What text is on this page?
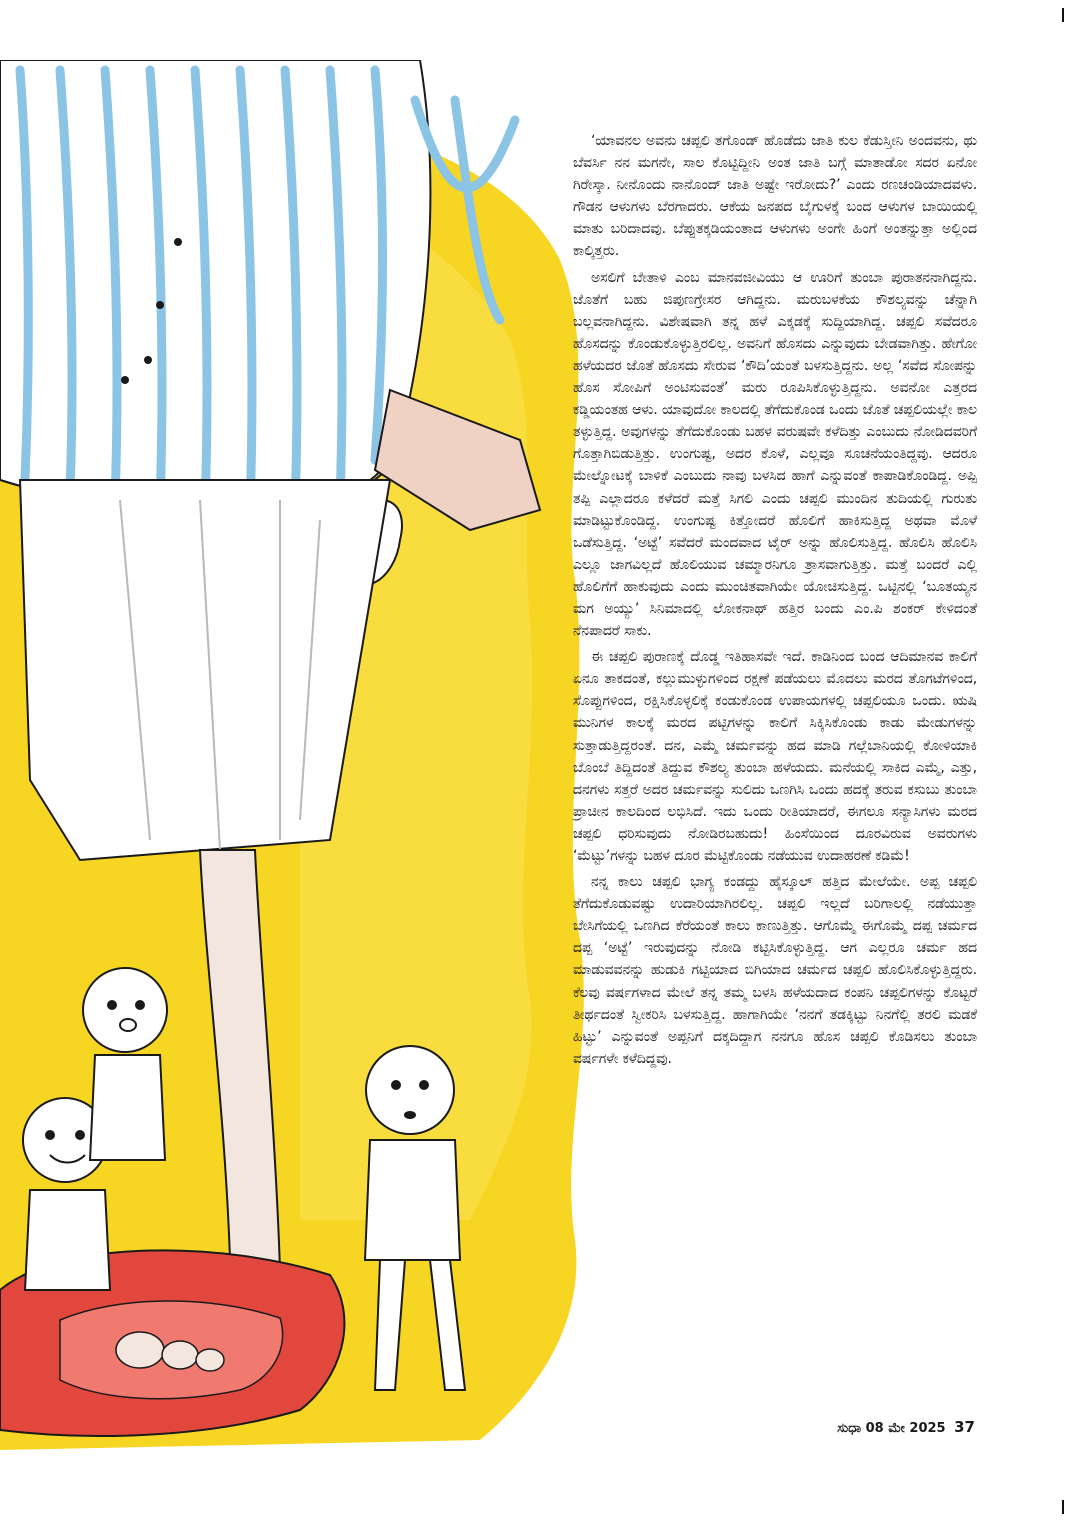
‘ಯಾವನಲ ಅವನು ಚಪ್ಪಲಿ ತಗೊಂಡ್ ಹೊಡೆದು ಜಾತಿ ಕುಲ ಕೆಡುಸ್ತೀನಿ ಅಂದವನು, ಥು ಬೆವರ್ಸಿ ನನ ಮಗನೇ, ಸಾಲ ಕೊಟ್ಟಿದ್ದೀನಿ ಅಂತ ಜಾತಿ ಬಗ್ಗೆ ಮಾತಾಡೋ ಸದರ ಏನೋ ಗಿರೇಸ್ಕಾ. ನೀನೊಂದು ನಾನೊಂದ್ ಜಾತಿ ಅಷ್ಟೇ ಇರೋದು?’ ಎಂದು ರಣಚಂಡಿಯಾದವಳು. ಗೌಡನ ಆಳುಗಳು ಬೆರಗಾದರು. ಆಕೆಯ ಜನಪದ ಬೈಗುಳಕ್ಕೆ ಬಂದ ಆಳುಗಳ ಬಾಯಿಯಲ್ಲಿ ಮಾತು ಬರಿದಾದವು. ಬೆಪ್ಪುತಕ್ಕಡಿಯಂತಾದ ಆಳುಗಳು ಅಂಗೇ ಹಿಂಗೆ ಅಂತನ್ನುತ್ತಾ ಅಲ್ಲಿಂದ ಕಾಲ್ಕಿತ್ತರು.

ಅಸಲಿಗೆ ಬೇತಾಳಿ ಎಂಬ ಮಾನವಜೀವಿಯು ಆ ಊರಿಗೆ ತುಂಬಾ ಪುರಾತನನಾಗಿದ್ದನು. ಜೊತೆಗೆ ಬಹು ಜಿಪುಣಗ್ರೇಸರ ಆಗಿದ್ದನು. ಮರುಬಳಕೆಯ ಕೌಶಲ್ಯವನ್ನು ಚೆನ್ನಾಗಿ ಬಲ್ಲವನಾಗಿದ್ದನು. ವಿಶೇಷವಾಗಿ ತನ್ನ ಹಳೆ ಎಕ್ಕಡಕ್ಕೆ ಸುದ್ದಿಯಾಗಿದ್ದ. ಚಪ್ಪಲಿ ಸವೆದರೂ ಹೊಸದನ್ನು ಕೊಂಡುಕೊಳ್ಳುತ್ತಿರಲಿಲ್ಲ. ಅವನಿಗೆ ಹೊಸದು ಎನ್ನುವುದು ಬೇಡವಾಗಿತ್ತು. ಹೇಗೋ ಹಳೆಯದರ ಜೊತೆ ಹೊಸದು ಸೇರುವ ‘ಕೌದಿ’ಯಂತೆ ಬಳಸುತ್ತಿದ್ದನು. ಅಲ್ಲ ‘ಸವೆದ ಸೋಪನ್ನು ಹೊಸ ಸೋಪಿಗೆ ಅಂಟಿಸುವಂತೆ’ ಮರು ರೂಪಿಸಿಕೊಳ್ಳುತ್ತಿದ್ದನು. ಅವನೋ ಎತ್ತರದ ಕಡ್ಡಿಯಂತಹ ಆಳು. ಯಾವುದೋ ಕಾಲದಲ್ಲಿ ತೆಗೆದುಕೊಂಡ ಒಂದು ಜೊತೆ ಚಪ್ಪಲಿಯಲ್ಲೇ ಕಾಲ ತಳ್ಳುತ್ತಿದ್ದ. ಅವುಗಳನ್ನು ತೆಗೆದುಕೊಂಡು ಬಹಳ ವರುಷವೇ ಕಳೆದಿತ್ತು ಎಂಬುದು ನೋಡಿದವರಿಗೆ ಗೊತ್ತಾಗಿಬಿಡುತ್ತಿತ್ತು. ಉಂಗುಷ್ಟ, ಅದರ ಕೊಳೆ, ಎಲ್ಲವೂ ಸೂಚನೆಯಂತಿದ್ದವು. ಆದರೂ ಮೇಲ್ನೋಟಕ್ಕೆ ಬಾಳಿಕೆ ಎಂಬುದು ನಾವು ಬಳಸಿದ ಹಾಗೆ ಎನ್ನುವಂತೆ ಕಾಪಾಡಿಕೊಂಡಿದ್ದ. ಅಪ್ಪಿ ತಪ್ಪಿ ಎಲ್ಲಾದರೂ ಕಳೆದರೆ ಮತ್ತೆ ಸಿಗಲಿ ಎಂದು ಚಪ್ಪಲಿ ಮುಂದಿನ ತುದಿಯಲ್ಲಿ ಗುರುತು ಮಾಡಿಟ್ಟುಕೊಂಡಿದ್ದ. ಉಂಗುಷ್ಟ ಕಿತ್ತೋದರೆ ಹೊಲಿಗೆ ಹಾಕಿಸುತ್ತಿದ್ದ ಅಥವಾ ಮೊಳೆ ಒಡೆಸುತ್ತಿದ್ದ. ‘ಅಟ್ಟೆ’ ಸವೆದರೆ ಮಂದವಾದ ಟೈರ್ ಅನ್ನು ಹೊಲಿಸುತ್ತಿದ್ದ. ಹೊಲಿಸಿ ಹೊಲಿಸಿ ಎಲ್ಲೂ ಜಾಗವಿಲ್ಲದೆ ಹೊಲಿಯುವ ಚಮ್ಮಾರನಿಗೂ ತ್ರಾಸವಾಗುತ್ತಿತ್ತು. ಮತ್ತೆ ಬಂದರೆ ಎಲ್ಲಿ ಹೊಲಿಗೆಗೆ ಹಾಕುವುದು ಎಂದು ಮುಂಚಿತವಾಗಿಯೇ ಯೋಚಿಸುತ್ತಿದ್ದ. ಒಟ್ಟಿನಲ್ಲಿ ‘ಬೂತಯ್ಯನ ಮಗ ಅಯ್ಯು’ ಸಿನಿಮಾದಲ್ಲಿ ಲೋಕನಾಥ್ ಹತ್ತಿರ ಬಂದು ಎಂ.ಪಿ ಶಂಕರ್ ಕೇಳಿದಂತೆ ನೆನಪಾದರೆ ಸಾಕು.

ಈ ಚಪ್ಪಲಿ ಪುರಾಣಕ್ಕೆ ದೊಡ್ಡ ಇತಿಹಾಸವೇ ಇದೆ. ಕಾಡಿನಿಂದ ಬಂದ ಆದಿಮಾನವ ಕಾಲಿಗೆ ಏನೂ ತಾಕದಂತೆ, ಕಲ್ಲುಮುಳ್ಳುಗಳಿಂದ ರಕ್ಷಣೆ ಪಡೆಯಲು ಮೊದಲು ಮರದ ತೊಗಟೆಗಳಿಂದ, ಸೊಪ್ಪುಗಳಿಂದ, ರಕ್ಷಿಸಿಕೊಳ್ಳಲಿಕ್ಕೆ ಕಂಡುಕೊಂಡ ಉಪಾಯಗಳಲ್ಲಿ ಚಪ್ಪಲಿಯೂ ಒಂದು. ಋಷಿ ಮುನಿಗಳ ಕಾಲಕ್ಕೆ ಮರದ ಪಟ್ಟಿಗಳನ್ನು ಕಾಲಿಗೆ ಸಿಕ್ಕಿಸಿಕೊಂಡು ಕಾಡು ಮೇಡುಗಳನ್ನು ಸುತ್ತಾಡುತ್ತಿದ್ದರಂತೆ. ದನ, ಎಮ್ಮೆ ಚರ್ಮವನ್ನು ಹದ ಮಾಡಿ ಗಲ್ಲೆಬಾನಿಯಲ್ಲಿ ಕೋಳಿಯಾಕಿ ಬೊಂಬೆ ತಿದ್ದಿದಂತೆ ತಿದ್ದುವ ಕೌಶಲ್ಯ ತುಂಬಾ ಹಳೆಯದು. ಮನೆಯಲ್ಲಿ ಸಾಕಿದ ಎಮ್ಮೆ, ಎತ್ತು, ದನಗಳು ಸತ್ತರೆ ಅದರ ಚರ್ಮವನ್ನು ಸುಲಿದು ಒಣಗಿಸಿ ಒಂದು ಹದಕ್ಕೆ ತರುವ ಕಸುಬು ತುಂಬಾ ಪ್ರಾಚೀನ ಕಾಲದಿಂದ ಲಭಿಸಿದೆ. ಇದು ಒಂದು ರೀತಿಯಾದರೆ, ಈಗಲೂ ಸನ್ಯಾಸಿಗಳು ಮರದ ಚಪ್ಪಲಿ ಧರಿಸುವುದು ನೋಡಿರಬಹುದು! ಹಿಂಸೆಯಿಂದ ದೂರವಿರುವ ಅವರುಗಳು ‘ಮೆಟ್ಟು’ಗಳನ್ನು ಬಹಳ ದೂರ ಮೆಟ್ಟಿಕೊಂಡು ನಡೆಯುವ ಉದಾಹರಣೆ ಕಡಿಮೆ!

ನನ್ನ ಕಾಲು ಚಪ್ಪಲಿ ಭಾಗ್ಯ ಕಂಡದ್ದು ಹೈಸ್ಕೂಲ್ ಹತ್ತಿದ ಮೇಲೆಯೇ. ಅಪ್ಪ ಚಪ್ಪಲಿ ತೆಗೆದುಕೊಡುವಷ್ಟು ಉದಾರಿಯಾಗಿರಲಿಲ್ಲ. ಚಪ್ಪಲಿ ಇಲ್ಲದೆ ಬರಿಗಾಲಲ್ಲಿ ನಡೆಯುತ್ತಾ ಬೇಸಿಗೆಯಲ್ಲಿ ಒಣಗಿದ ಕೆರೆಯಂತೆ ಕಾಲು ಕಾಣುತ್ತಿತ್ತು. ಆಗೊಮ್ಮೆ ಈಗೊಮ್ಮೆ ದಪ್ಪ ಚರ್ಮದ ದಪ್ಪ ‘ಅಟ್ಟೆ’ ಇರುವುದನ್ನು ನೋಡಿ ಕಟ್ಟಿಸಿಕೊಳ್ಳುತ್ತಿದ್ದ. ಆಗ ಎಲ್ಲರೂ ಚರ್ಮ ಹದ ಮಾಡುವವನನ್ನು ಹುಡುಕಿ ಗಟ್ಟಿಯಾದ ಬಿಗಿಯಾದ ಚರ್ಮದ ಚಪ್ಪಲಿ ಹೊಲಿಸಿಕೊಳ್ಳುತ್ತಿದ್ದರು. ಕೆಲವು ವರ್ಷಗಳಾದ ಮೇಲೆ ತನ್ನ ತಮ್ಮ ಬಳಸಿ ಹಳೆಯದಾದ ಕಂಪನಿ ಚಪ್ಪಲಿಗಳನ್ನು ಕೊಟ್ಟರೆ ತೀರ್ಥದಂತೆ ಸ್ವೀಕರಿಸಿ ಬಳಸುತ್ತಿದ್ದ. ಹಾಗಾಗಿಯೇ ‘ನನಗೆ ತಡಕ್ಕಿಟ್ಟು ನಿನಗೆಲ್ಲಿ ತರಲಿ ಮಡಕೆ ಹಿಟ್ಟು’ ಎನ್ನುವಂತೆ ಅಪ್ಪನಿಗೆ ದಕ್ಕದಿದ್ದಾಗ ನನಗೂ ಹೊಸ ಚಪ್ಪಲಿ ಕೊಡಿಸಲು ತುಂಬಾ ವರ್ಷಗಳೇ ಕಳೆದಿದ್ದವು.

ಸುಧಾ 08 ಮೇ 2025 37
